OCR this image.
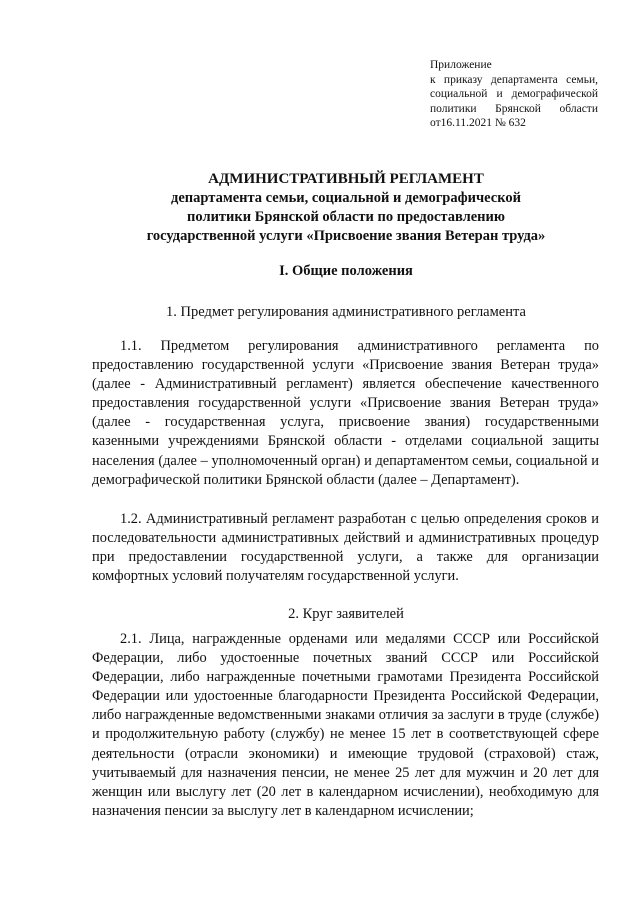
Приложение
к приказу департамента семьи,
социальной и демографической
политики Брянской области
от16.11.2021 № 632
АДМИНИСТРАТИВНЫЙ РЕГЛАМЕНТ
департамента семьи, социальной и демографической
политики Брянской области по предоставлению
государственной услуги «Присвоение звания Ветеран труда»
I. Общие положения
1. Предмет регулирования административного регламента

1.1. Предметом регулирования административного регламента по предоставлению государственной услуги «Присвоение звания Ветеран труда» (далее - Административный регламент) является обеспечение качественного предоставления государственной услуги «Присвоение звания Ветеран труда» (далее - государственная услуга, присвоение звания) государственными казенными учреждениями Брянской области - отделами социальной защиты населения (далее – уполномоченный орган) и департаментом семьи, социальной и демографической политики Брянской области (далее – Департамент).

1.2. Административный регламент разработан с целью определения сроков и последовательности административных действий и административных процедур при предоставлении государственной услуги, а также для организации комфортных условий получателям государственной услуги.

2. Круг заявителей

2.1. Лица, награжденные орденами или медалями СССР или Российской Федерации, либо удостоенные почетных званий СССР или Российской Федерации, либо награжденные почетными грамотами Президента Российской Федерации или удостоенные благодарности Президента Российской Федерации, либо награжденные ведомственными знаками отличия за заслуги в труде (службе) и продолжительную работу (службу) не менее 15 лет в соответствующей сфере деятельности (отрасли экономики) и имеющие трудовой (страховой) стаж, учитываемый для назначения пенсии, не менее 25 лет для мужчин и 20 лет для женщин или выслугу лет (20 лет в календарном исчислении), необходимую для назначения пенсии за выслугу лет в календарном исчислении;
